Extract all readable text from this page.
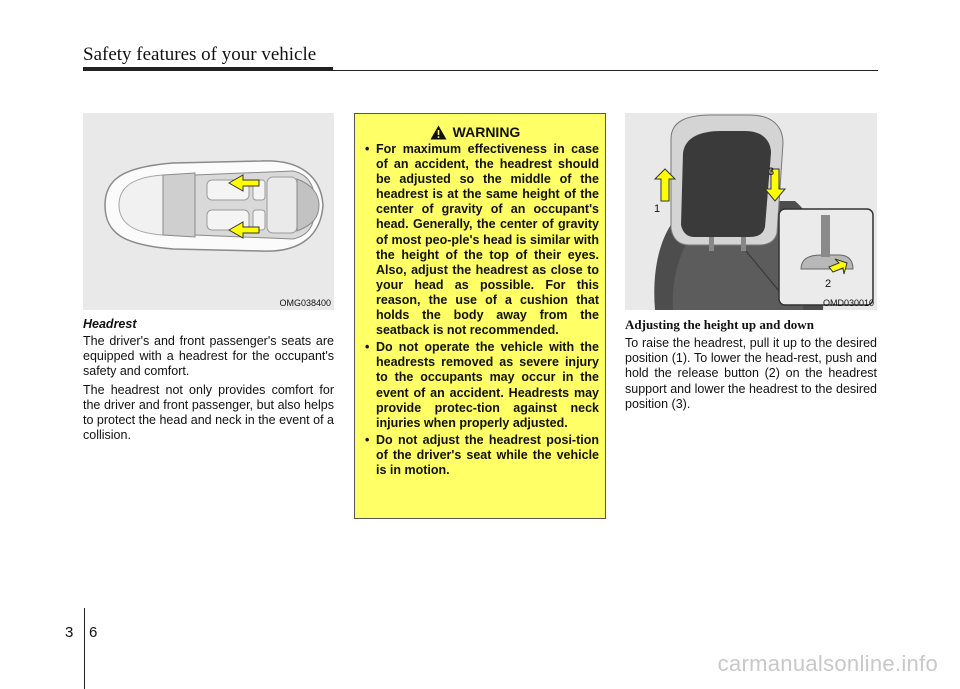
Safety features of your vehicle
OMG038400
Headrest

The driver's and front passenger's seats are equipped with a headrest for the occupant's safety and comfort.

The headrest not only provides comfort for the driver and front passenger, but also helps to protect the head and neck in the event of a collision.

WARNING
• For maximum effectiveness in case of an accident, the headrest should be adjusted so the middle of the headrest is at the same height of the center of gravity of an occupant's head. Generally, the center of gravity of most peo-ple's head is similar with the height of the top of their eyes. Also, adjust the headrest as close to your head as possible. For this reason, the use of a cushion that holds the body away from the seatback is not recommended.
• Do not operate the vehicle with the headrests removed as severe injury to the occupants may occur in the event of an accident. Headrests may provide protec-tion against neck injuries when properly adjusted.
• Do not adjust the headrest posi-tion of the driver's seat while the vehicle is in motion.
1
2
3
OMD030010
Adjusting the height up and down

To raise the headrest, pull it up to the desired position (1). To lower the head-rest, push and hold the release button (2) on the headrest support and lower the headrest to the desired position (3).

3 6
carmanualsonline.info
